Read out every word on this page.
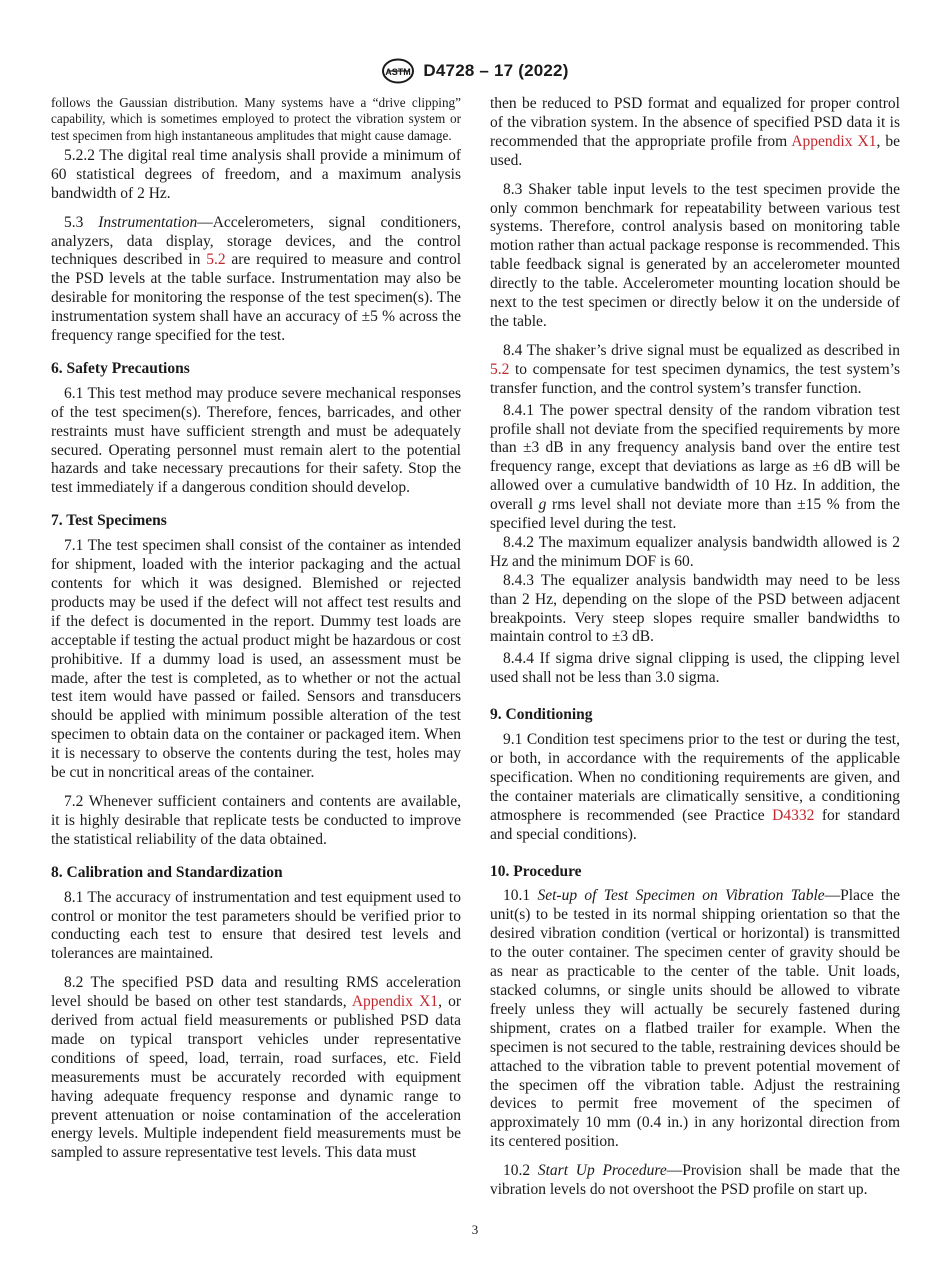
ASTM D4728 – 17 (2022)

follows the Gaussian distribution. Many systems have a “drive clipping” capability, which is sometimes employed to protect the vibration system or test specimen from high instantaneous amplitudes that might cause damage.

5.2.2 The digital real time analysis shall provide a minimum of 60 statistical degrees of freedom, and a maximum analysis bandwidth of 2 Hz.

5.3 Instrumentation—Accelerometers, signal conditioners, analyzers, data display, storage devices, and the control techniques described in 5.2 are required to measure and control the PSD levels at the table surface. Instrumentation may also be desirable for monitoring the response of the test specimen(s). The instrumentation system shall have an accuracy of ±5 % across the frequency range specified for the test.

6. Safety Precautions

6.1 This test method may produce severe mechanical responses of the test specimen(s). Therefore, fences, barricades, and other restraints must have sufficient strength and must be adequately secured. Operating personnel must remain alert to the potential hazards and take necessary precautions for their safety. Stop the test immediately if a dangerous condition should develop.

7. Test Specimens

7.1 The test specimen shall consist of the container as intended for shipment, loaded with the interior packaging and the actual contents for which it was designed. Blemished or rejected products may be used if the defect will not affect test results and if the defect is documented in the report. Dummy test loads are acceptable if testing the actual product might be hazardous or cost prohibitive. If a dummy load is used, an assessment must be made, after the test is completed, as to whether or not the actual test item would have passed or failed. Sensors and transducers should be applied with minimum possible alteration of the test specimen to obtain data on the container or packaged item. When it is necessary to observe the contents during the test, holes may be cut in noncritical areas of the container.

7.2 Whenever sufficient containers and contents are available, it is highly desirable that replicate tests be conducted to improve the statistical reliability of the data obtained.

8. Calibration and Standardization

8.1 The accuracy of instrumentation and test equipment used to control or monitor the test parameters should be verified prior to conducting each test to ensure that desired test levels and tolerances are maintained.

8.2 The specified PSD data and resulting RMS acceleration level should be based on other test standards, Appendix X1, or derived from actual field measurements or published PSD data made on typical transport vehicles under representative conditions of speed, load, terrain, road surfaces, etc. Field measurements must be accurately recorded with equipment having adequate frequency response and dynamic range to prevent attenuation or noise contamination of the acceleration energy levels. Multiple independent field measurements must be sampled to assure representative test levels. This data must

then be reduced to PSD format and equalized for proper control of the vibration system. In the absence of specified PSD data it is recommended that the appropriate profile from Appendix X1, be used.

8.3 Shaker table input levels to the test specimen provide the only common benchmark for repeatability between various test systems. Therefore, control analysis based on monitoring table motion rather than actual package response is recommended. This table feedback signal is generated by an accelerometer mounted directly to the table. Accelerometer mounting location should be next to the test specimen or directly below it on the underside of the table.

8.4 The shaker’s drive signal must be equalized as described in 5.2 to compensate for test specimen dynamics, the test system’s transfer function, and the control system’s transfer function.

8.4.1 The power spectral density of the random vibration test profile shall not deviate from the specified requirements by more than ±3 dB in any frequency analysis band over the entire test frequency range, except that deviations as large as ±6 dB will be allowed over a cumulative bandwidth of 10 Hz. In addition, the overall g rms level shall not deviate more than ±15 % from the specified level during the test.

8.4.2 The maximum equalizer analysis bandwidth allowed is 2 Hz and the minimum DOF is 60.

8.4.3 The equalizer analysis bandwidth may need to be less than 2 Hz, depending on the slope of the PSD between adjacent breakpoints. Very steep slopes require smaller bandwidths to maintain control to ±3 dB.

8.4.4 If sigma drive signal clipping is used, the clipping level used shall not be less than 3.0 sigma.

9. Conditioning

9.1 Condition test specimens prior to the test or during the test, or both, in accordance with the requirements of the applicable specification. When no conditioning requirements are given, and the container materials are climatically sensitive, a conditioning atmosphere is recommended (see Practice D4332 for standard and special conditions).

10. Procedure

10.1 Set-up of Test Specimen on Vibration Table—Place the unit(s) to be tested in its normal shipping orientation so that the desired vibration condition (vertical or horizontal) is transmitted to the outer container. The specimen center of gravity should be as near as practicable to the center of the table. Unit loads, stacked columns, or single units should be allowed to vibrate freely unless they will actually be securely fastened during shipment, crates on a flatbed trailer for example. When the specimen is not secured to the table, restraining devices should be attached to the vibration table to prevent potential movement of the specimen off the vibration table. Adjust the restraining devices to permit free movement of the specimen of approximately 10 mm (0.4 in.) in any horizontal direction from its centered position.

10.2 Start Up Procedure—Provision shall be made that the vibration levels do not overshoot the PSD profile on start up.

3
